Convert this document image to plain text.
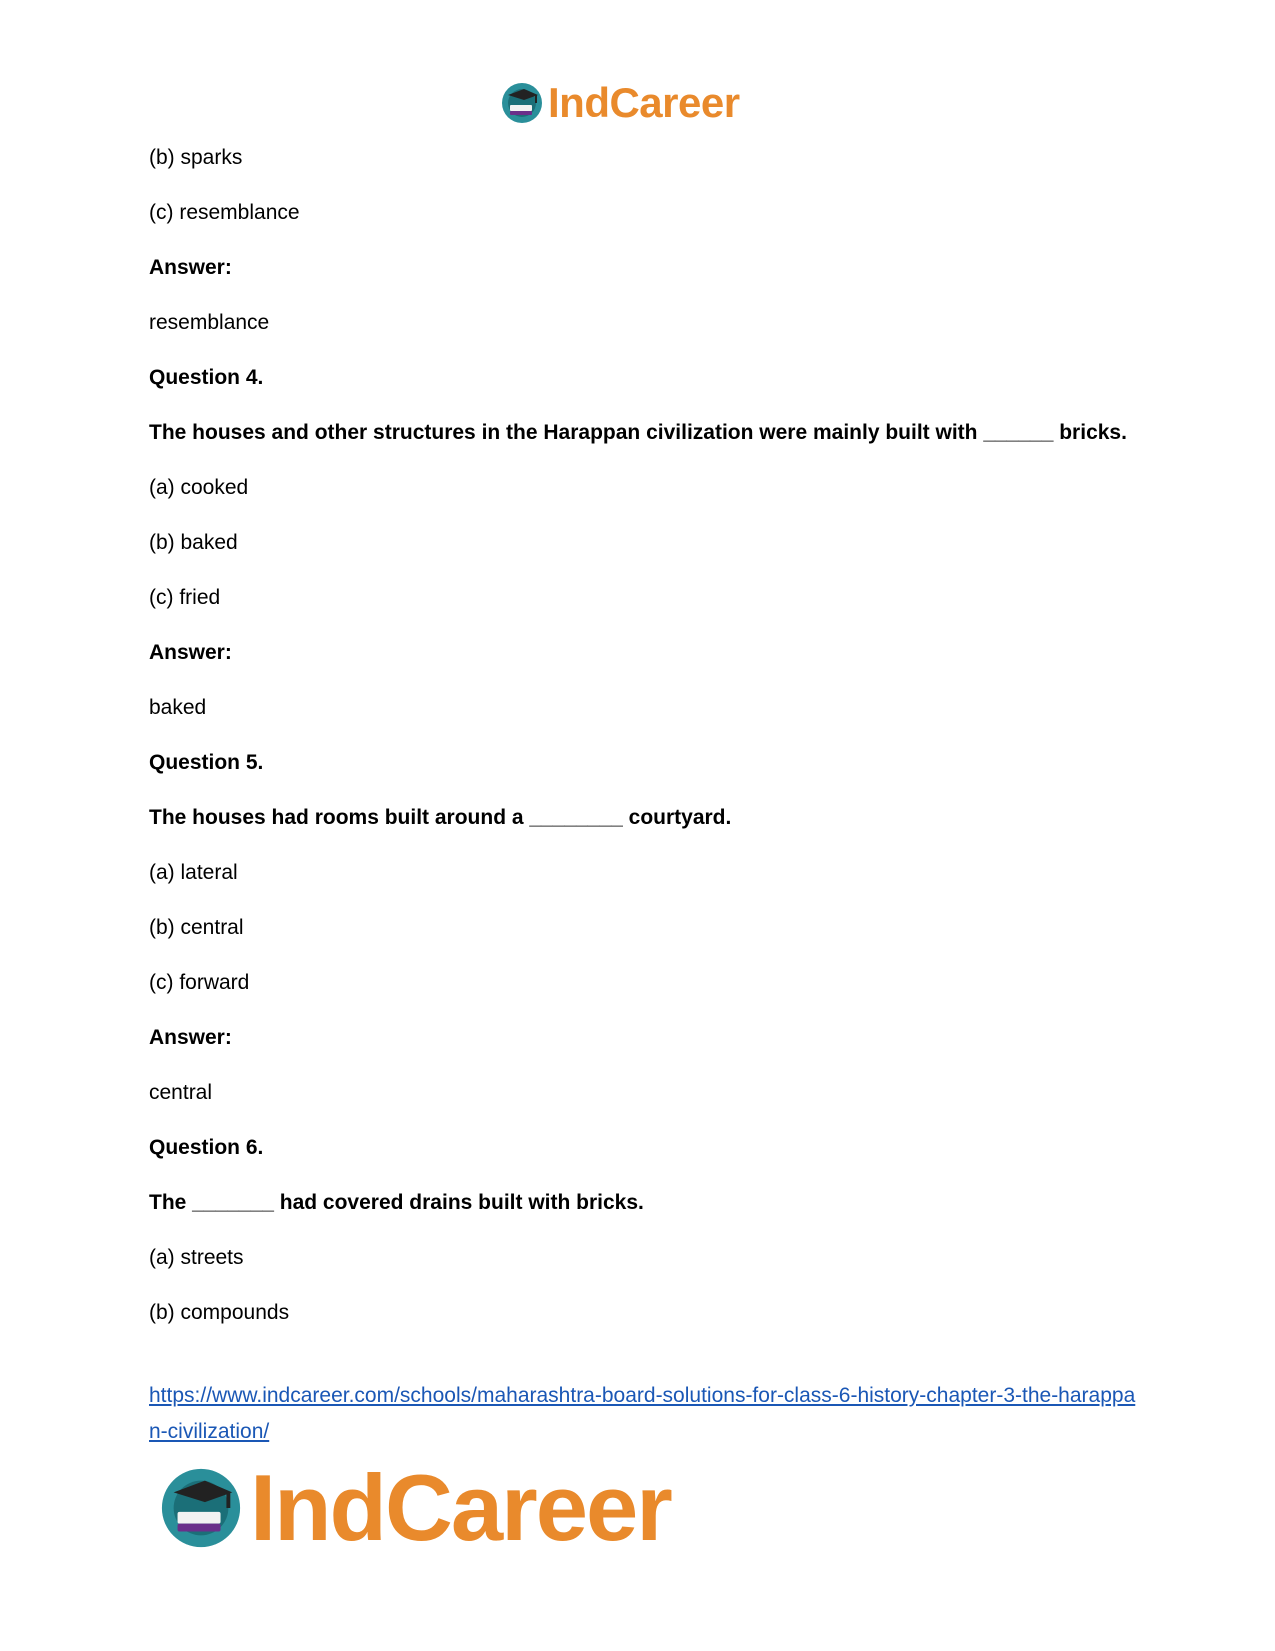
IndCareer

(b) sparks

(c) resemblance

Answer:

resemblance

Question 4.

The houses and other structures in the Harappan civilization were mainly built with ______ bricks.

(a) cooked

(b) baked

(c) fried

Answer:

baked

Question 5.

The houses had rooms built around a ________ courtyard.

(a) lateral

(b) central

(c) forward

Answer:

central

Question 6.

The _______ had covered drains built with bricks.

(a) streets

(b) compounds

https://www.indcareer.com/schools/maharashtra-board-solutions-for-class-6-history-chapter-3-the-harappan-civilization/
IndCareer
